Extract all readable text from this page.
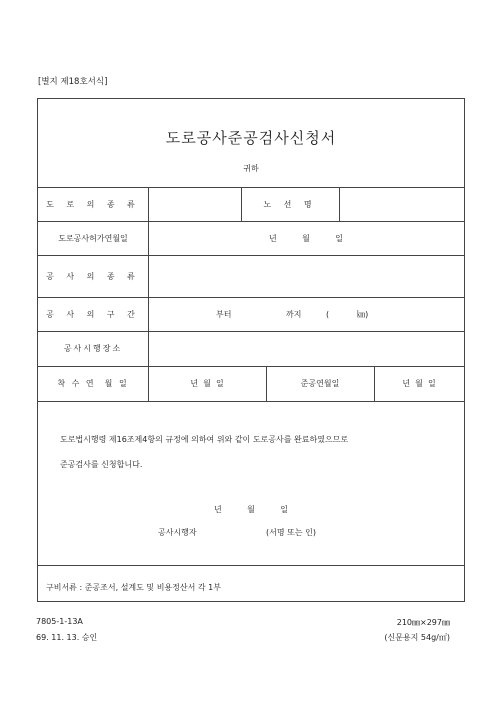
[별지 제18호서식]
도로공사준공검사신청서
귀하
도 로 의 종 류	노 선 명
도로공사허가연월일	년          월          일
공 사 의 종 류
공 사 의 구 간	부터	까지	(           ㎞)
공사시행장소
착 수 연  월 일	년  월  일	준공연월일	년  월  일
도로법시행령 제16조제4항의 규정에 의하여 위와 같이 도로공사를 완료하였으므로
준공검사를 신청합니다.
년          월          일
공사시행자	(서명 또는 인)
구비서류 : 준공조서, 설계도 및 비용정산서 각 1부
7805-1-13A
69. 11. 13. 승인
210㎜×297㎜
(신문용지 54g/㎡)
